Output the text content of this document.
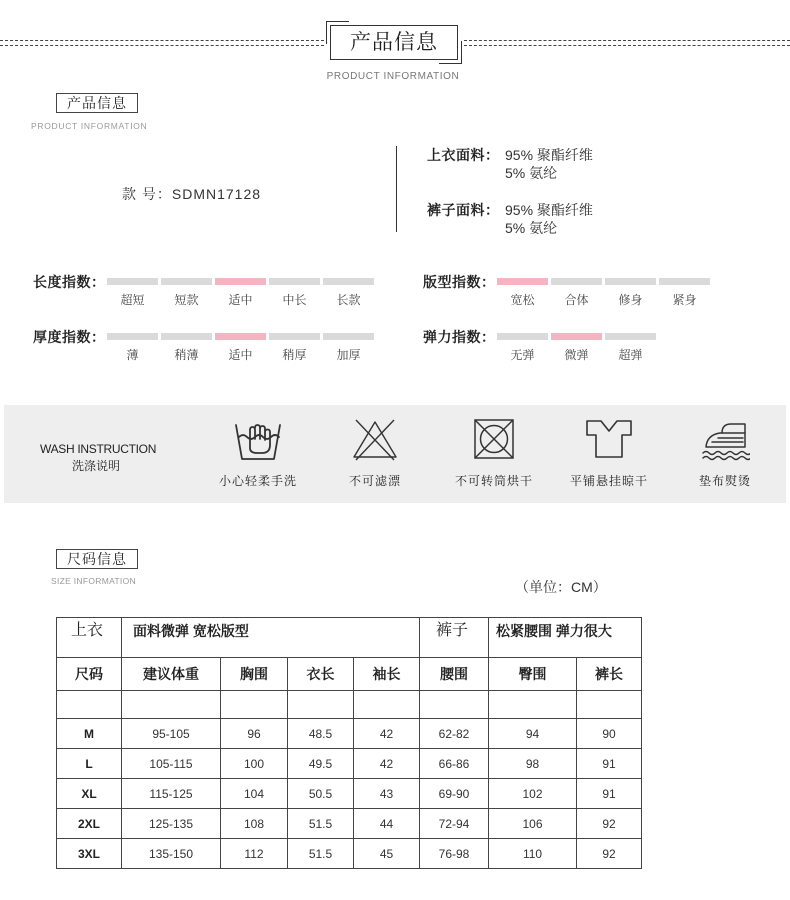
产品信息
PRODUCT INFORMATION
产品信息
PRODUCT INFORMATION
款 号：SDMN17128
上衣面料： 95% 聚酯纤维
5% 氨纶
裤子面料： 95% 聚酯纤维
5% 氨纶
长度指数：
超短	短款	适中	中长	长款
版型指数：
宽松	合体	修身	紧身
厚度指数：
薄	稍薄	适中	稍厚	加厚
弹力指数：
无弹	微弹	超弹
WASH INSTRUCTION
洗涤说明
小心轻柔手洗	不可滤漂	不可转筒烘干	平铺悬挂晾干	垫布熨烫
尺码信息
SIZE INFORMATION	（单位：CM）
上衣	面料微弹 宽松版型				裤子	松紧腰围 弹力很大	
尺码	建议体重	胸围	衣长	袖长	腰围	臀围	裤长

M	95-105	96	48.5	42	62-82	94	90
L	105-115	100	49.5	42	66-86	98	91
XL	115-125	104	50.5	43	69-90	102	91
2XL	125-135	108	51.5	44	72-94	106	92
3XL	135-150	112	51.5	45	76-98	110	92
